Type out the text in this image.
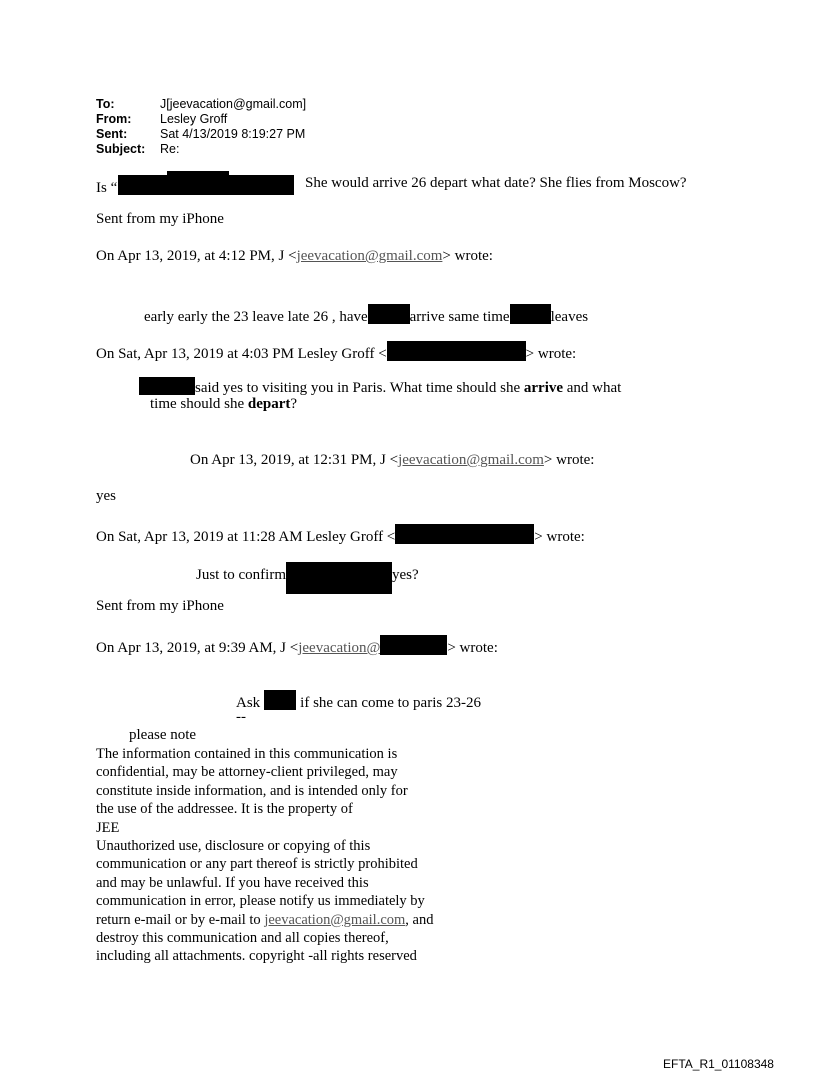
To:	J[jeevacation@gmail.com]
From: Lesley Groff
Sent:	Sat 4/13/2019 8:19:27 PM
Subject: Re:
Is “	She would arrive 26 depart what date? She flies from Moscow?
Sent from my iPhone
On Apr 13, 2019, at 4:12 PM, J <jeevacation@gmail.com> wrote:
early early the 23 leave late 26 , have	arrive same time	leaves
On Sat, Apr 13, 2019 at 4:03 PM Lesley Groff <	> wrote:
said yes to visiting you in Paris. What time should she arrive and what
time should she depart?
On Apr 13, 2019, at 12:31 PM, J <jeevacation@gmail.com> wrote:
yes
On Sat, Apr 13, 2019 at 11:28 AM Lesley Groff <	> wrote:
Just to confirm	yes?
Sent from my iPhone
On Apr 13, 2019, at 9:39 AM, J <jeevacation@	> wrote:
Ask	if she can come to paris 23-26
--
please note
The information contained in this communication is
confidential, may be attorney-client privileged, may
constitute inside information, and is intended only for
the use of the addressee. It is the property of
JEE
Unauthorized use, disclosure or copying of this
communication or any part thereof is strictly prohibited
and may be unlawful. If you have received this
communication in error, please notify us immediately by
return e-mail or by e-mail to jeevacation@gmail.com, and
destroy this communication and all copies thereof,
including all attachments. copyright -all rights reserved
EFTA_R1_01108348
